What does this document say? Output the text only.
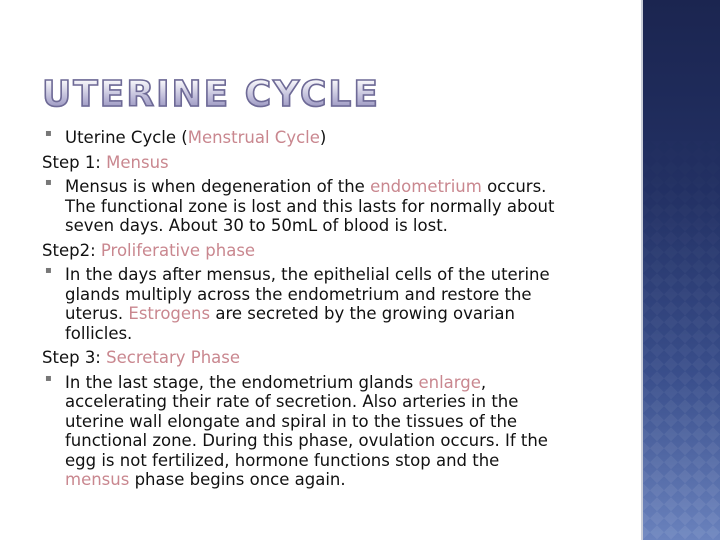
UTERINE CYCLE
▪ Uterine Cycle (Menstrual Cycle)
Step 1: Mensus
▪ Mensus is when degeneration of the endometrium occurs.
The functional zone is lost and this lasts for normally about
seven days. About 30 to 50mL of blood is lost.
Step2: Proliferative phase
▪ In the days after mensus, the epithelial cells of the uterine
glands multiply across the endometrium and restore the
uterus. Estrogens are secreted by the growing ovarian
follicles.
Step 3: Secretary Phase
▪ In the last stage, the endometrium glands enlarge,
accelerating their rate of secretion. Also arteries in the
uterine wall elongate and spiral in to the tissues of the
functional zone. During this phase, ovulation occurs. If the
egg is not fertilized, hormone functions stop and the
mensus phase begins once again.
